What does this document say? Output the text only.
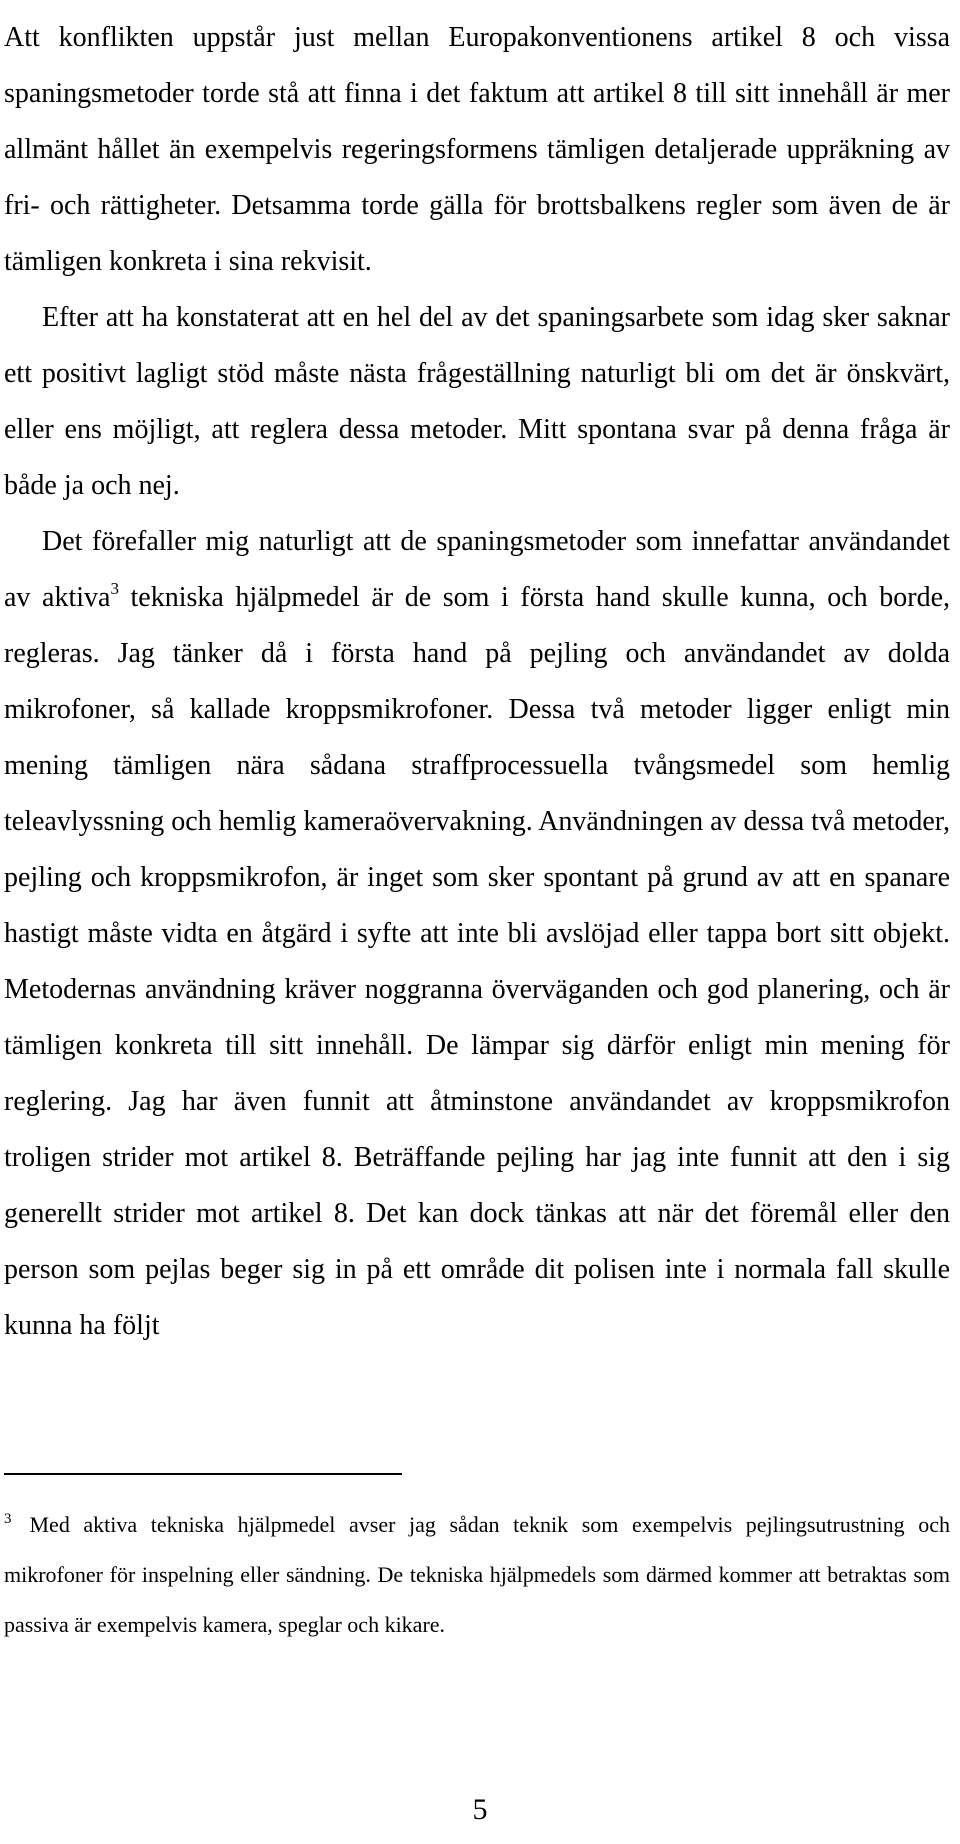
Att konflikten uppstår just mellan Europakonventionens artikel 8 och vissa spaningsmetoder torde stå att finna i det faktum att artikel 8 till sitt innehåll är mer allmänt hållet än exempelvis regeringsformens tämligen detaljerade uppräkning av fri- och rättigheter. Detsamma torde gälla för brottsbalkens regler som även de är tämligen konkreta i sina rekvisit.

Efter att ha konstaterat att en hel del av det spaningsarbete som idag sker saknar ett positivt lagligt stöd måste nästa frågeställning naturligt bli om det är önskvärt, eller ens möjligt, att reglera dessa metoder. Mitt spontana svar på denna fråga är både ja och nej.

Det förefaller mig naturligt att de spaningsmetoder som innefattar användandet av aktiva$^3$ tekniska hjälpmedel är de som i första hand skulle kunna, och borde, regleras. Jag tänker då i första hand på pejling och användandet av dolda mikrofoner, så kallade kroppsmikrofoner. Dessa två metoder ligger enligt min mening tämligen nära sådana straffprocessuella tvångsmedel som hemlig teleavlyssning och hemlig kameraövervakning. Användningen av dessa två metoder, pejling och kroppsmikrofon, är inget som sker spontant på grund av att en spanare hastigt måste vidta en åtgärd i syfte att inte bli avslöjad eller tappa bort sitt objekt. Metodernas användning kräver noggranna överväganden och god planering, och är tämligen konkreta till sitt innehåll. De lämpar sig därför enligt min mening för reglering. Jag har även funnit att åtminstone användandet av kroppsmikrofon troligen strider mot artikel 8. Beträffande pejling har jag inte funnit att den i sig generellt strider mot artikel 8. Det kan dock tänkas att när det föremål eller den person som pejlas beger sig in på ett område dit polisen inte i normala fall skulle kunna ha följt

$^3$ Med aktiva tekniska hjälpmedel avser jag sådan teknik som exempelvis pejlingsutrustning och mikrofoner för inspelning eller sändning. De tekniska hjälpmedels som därmed kommer att betraktas som passiva är exempelvis kamera, speglar och kikare.

5
